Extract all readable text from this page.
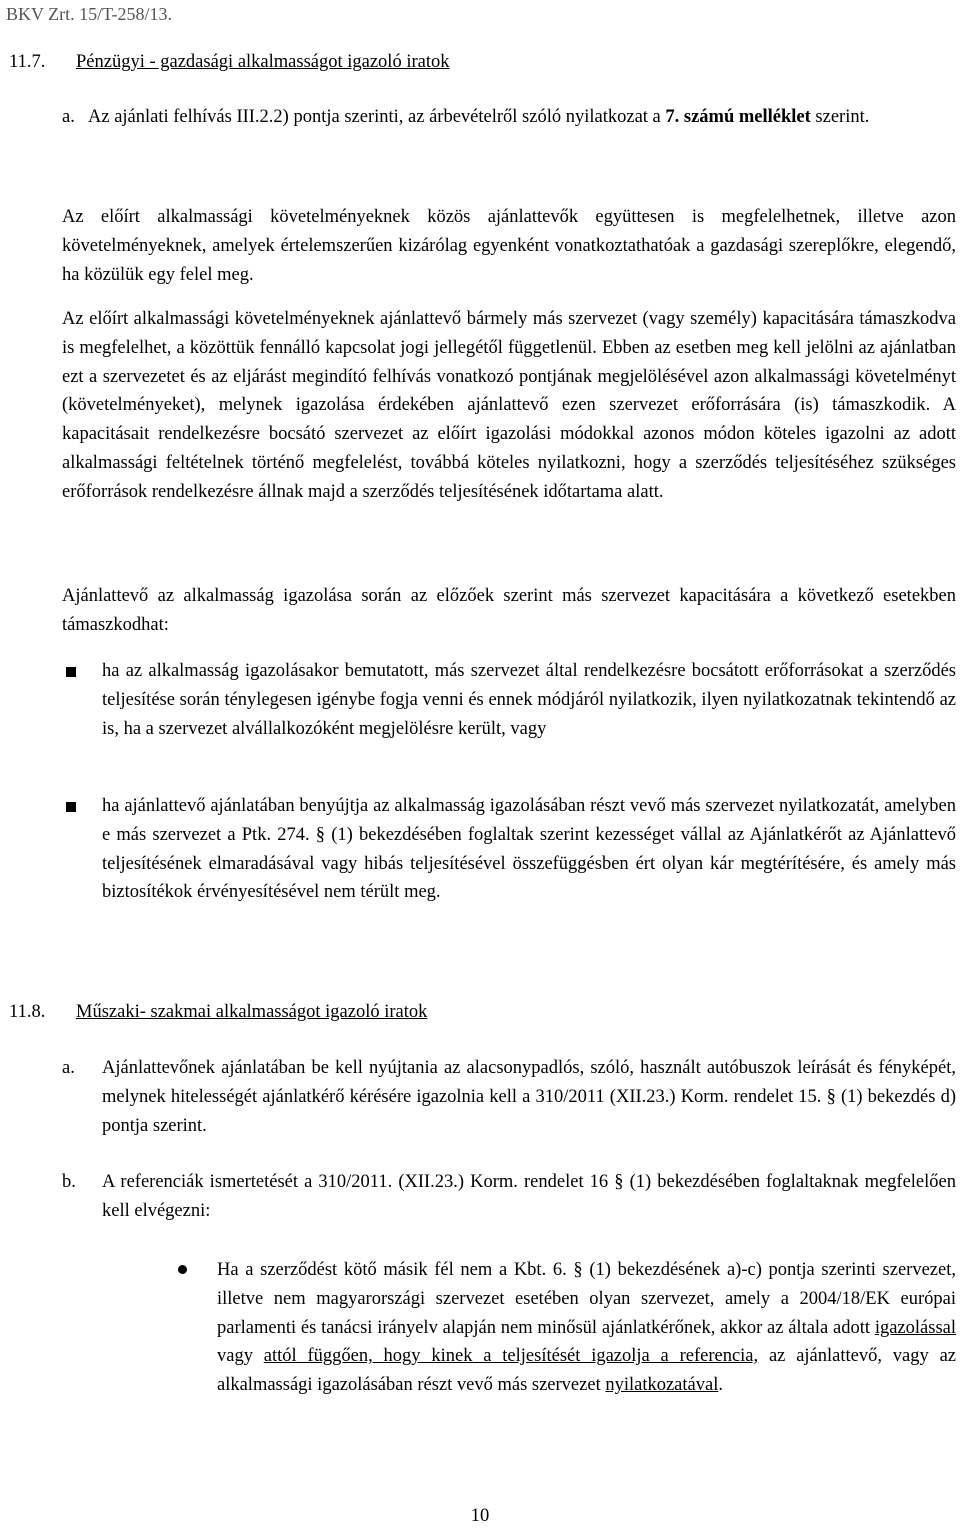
BKV Zrt. 15/T-258/13.
11.7. Pénzügyi - gazdasági alkalmasságot igazoló iratok
a. Az ajánlati felhívás III.2.2) pontja szerinti, az árbevételről szóló nyilatkozat a 7. számú melléklet szerint.

Az előírt alkalmassági követelményeknek közös ajánlattevők együttesen is megfelelhetnek, illetve azon követelményeknek, amelyek értelemszerűen kizárólag egyenként vonatkoztathatóak a gazdasági szereplőkre, elegendő, ha közülük egy felel meg.

Az előírt alkalmassági követelményeknek ajánlattevő bármely más szervezet (vagy személy) kapacitására támaszkodva is megfelelhet, a közöttük fennálló kapcsolat jogi jellegétől függetlenül. Ebben az esetben meg kell jelölni az ajánlatban ezt a szervezetet és az eljárást megindító felhívás vonatkozó pontjának megjelölésével azon alkalmassági követelményt (követelményeket), melynek igazolása érdekében ajánlattevő ezen szervezet erőforrására (is) támaszkodik. A kapacitásait rendelkezésre bocsátó szervezet az előírt igazolási módokkal azonos módon köteles igazolni az adott alkalmassági feltételnek történő megfelelést, továbbá köteles nyilatkozni, hogy a szerződés teljesítéséhez szükséges erőforrások rendelkezésre állnak majd a szerződés teljesítésének időtartama alatt.

Ajánlattevő az alkalmasság igazolása során az előzőek szerint más szervezet kapacitására a következő esetekben támaszkodhat:

ha az alkalmasság igazolásakor bemutatott, más szervezet által rendelkezésre bocsátott erőforrásokat a szerződés teljesítése során ténylegesen igénybe fogja venni és ennek módjáról nyilatkozik, ilyen nyilatkozatnak tekintendő az is, ha a szervezet alvállalkozóként megjelölésre került, vagy

ha ajánlattevő ajánlatában benyújtja az alkalmasság igazolásában részt vevő más szervezet nyilatkozatát, amelyben e más szervezet a Ptk. 274. § (1) bekezdésében foglaltak szerint kezességet vállal az Ajánlatkérőt az Ajánlattevő teljesítésének elmaradásával vagy hibás teljesítésével összefüggésben ért olyan kár megtérítésére, és amely más biztosítékok érvényesítésével nem térült meg.

11.8. Műszaki- szakmai alkalmasságot igazoló iratok
a.	Ajánlattevőnek ajánlatában be kell nyújtania az alacsonypadlós, szóló, használt autóbuszok leírását és fényképét, melynek hitelességét ajánlatkérő kérésére igazolnia kell a 310/2011 (XII.23.) Korm. rendelet 15. § (1) bekezdés d) pontja szerint.

b.	A referenciák ismertetését a 310/2011. (XII.23.) Korm. rendelet 16 § (1) bekezdésében foglaltaknak megfelelően kell elvégezni:

Ha a szerződést kötő másik fél nem a Kbt. 6. § (1) bekezdésének a)-c) pontja szerinti szervezet, illetve nem magyarországi szervezet esetében olyan szervezet, amely a 2004/18/EK európai parlamenti és tanácsi irányelv alapján nem minősül ajánlatkérőnek, akkor az általa adott igazolással vagy attól függően, hogy kinek a teljesítését igazolja a referencia, az ajánlattevő, vagy az alkalmassági igazolásában részt vevő más szervezet nyilatkozatával.

10
